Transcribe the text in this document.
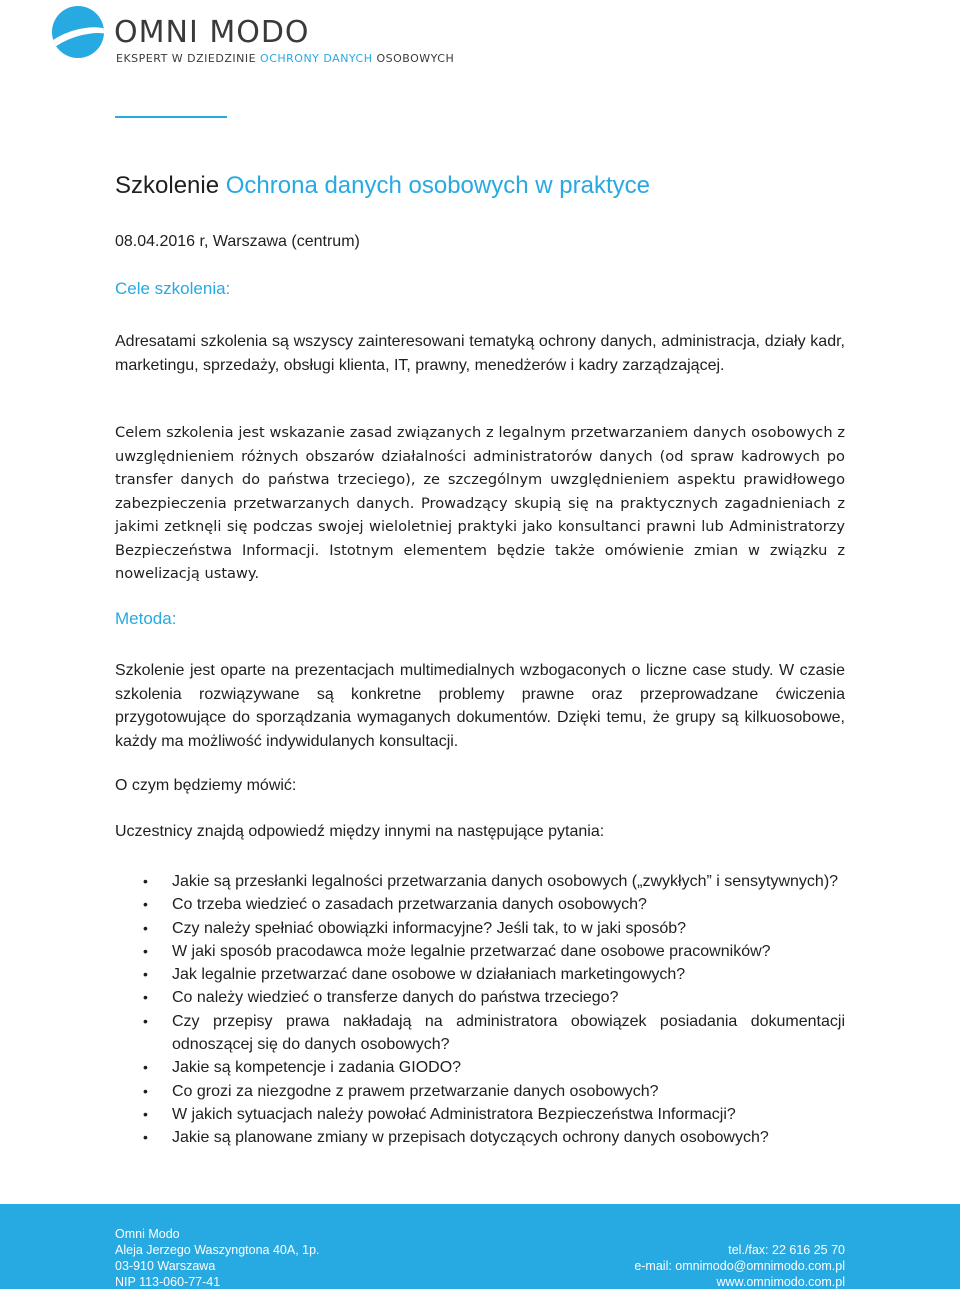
OMNI MODO
EKSPERT W DZIEDZINIE OCHRONY DANYCH OSOBOWYCH
Szkolenie Ochrona danych osobowych w praktyce
08.04.2016 r, Warszawa (centrum)
Cele szkolenia:

Adresatami szkolenia są wszyscy zainteresowani tematyką ochrony danych, administracja, działy kadr, marketingu, sprzedaży, obsługi klienta, IT, prawny, menedżerów i kadry zarządzającej.

Celem szkolenia jest wskazanie zasad związanych z legalnym przetwarzaniem danych osobowych z uwzględnieniem różnych obszarów działalności administratorów danych (od spraw kadrowych po transfer danych do państwa trzeciego), ze szczególnym uwzględnieniem aspektu prawidłowego zabezpieczenia przetwarzanych danych. Prowadzący skupią się na praktycznych zagadnieniach z jakimi zetknęli się podczas swojej wieloletniej praktyki jako konsultanci prawni lub Administratorzy Bezpieczeństwa Informacji. Istotnym elementem będzie także omówienie zmian w związku z nowelizacją ustawy.

Metoda:

Szkolenie jest oparte na prezentacjach multimedialnych wzbogaconych o liczne case study. W czasie szkolenia rozwiązywane są konkretne problemy prawne oraz przeprowadzane ćwiczenia przygotowujące do sporządzania wymaganych dokumentów. Dzięki temu, że grupy są kilkuosobowe, każdy ma możliwość indywidulanych konsultacji.

O czym będziemy mówić:
Uczestnicy znajdą odpowiedź między innymi na następujące pytania:
• Jakie są przesłanki legalności przetwarzania danych osobowych („zwykłych” i sensytywnych)?
• Co trzeba wiedzieć o zasadach przetwarzania danych osobowych?
• Czy należy spełniać obowiązki informacyjne? Jeśli tak, to w jaki sposób?
• W jaki sposób pracodawca może legalnie przetwarzać dane osobowe pracowników?
• Jak legalnie przetwarzać dane osobowe w działaniach marketingowych?
• Co należy wiedzieć o transferze danych do państwa trzeciego?
• Czy przepisy prawa nakładają na administratora obowiązek posiadania dokumentacji odnoszącej się do danych osobowych?
• Jakie są kompetencje i zadania GIODO?
• Co grozi za niezgodne z prawem przetwarzanie danych osobowych?
• W jakich sytuacjach należy powołać Administratora Bezpieczeństwa Informacji?
• Jakie są planowane zmiany w przepisach dotyczących ochrony danych osobowych?
Omni Modo
Aleja Jerzego Waszyngtona 40A, 1p.
03-910 Warszawa
NIP 113-060-77-41
tel./fax: 22 616 25 70
e-mail: omnimodo@omnimodo.com.pl
www.omnimodo.com.pl
